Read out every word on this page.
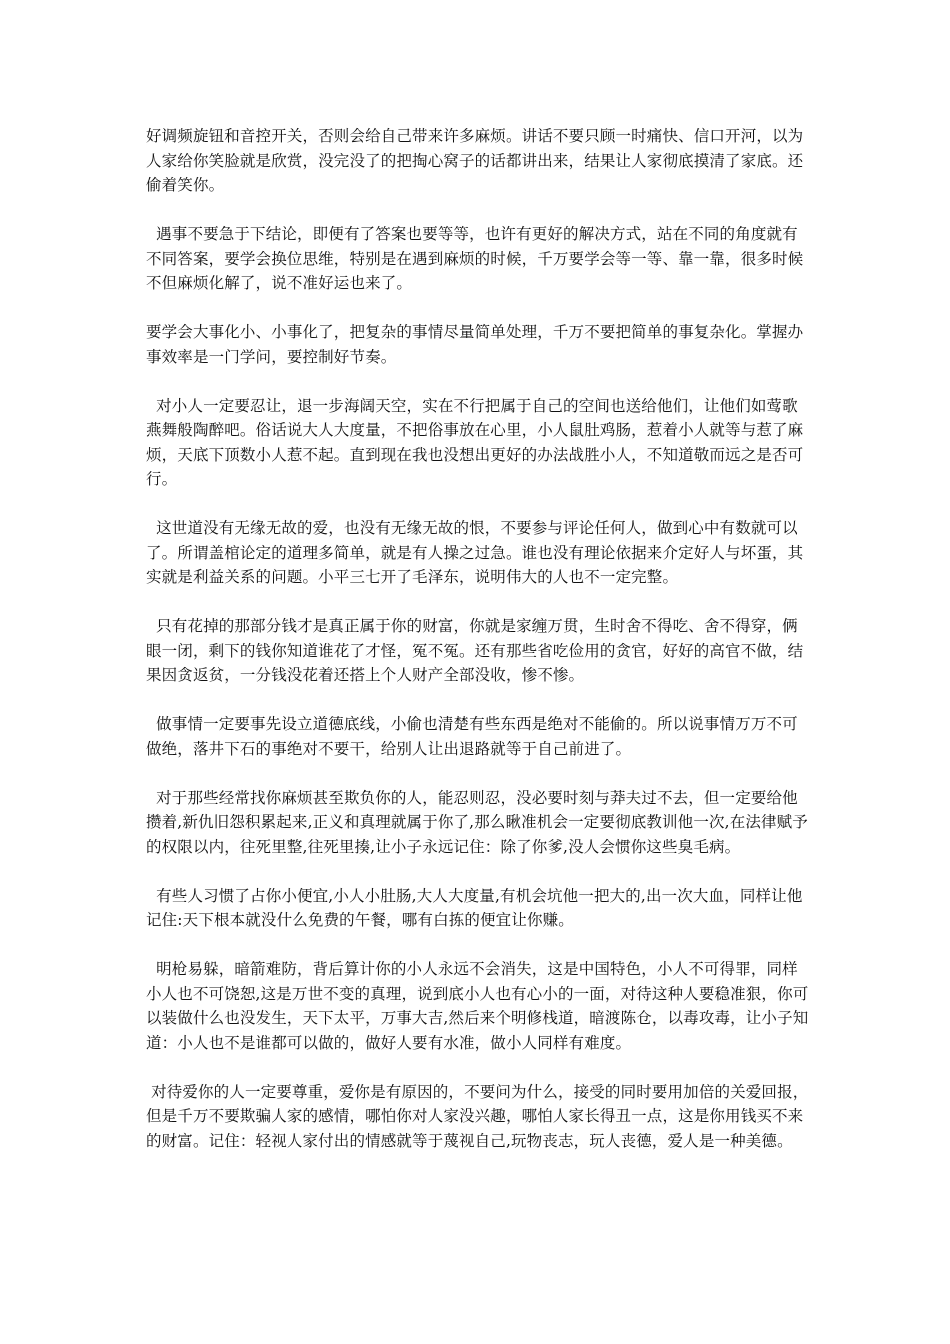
好调频旋钮和音控开关，否则会给自己带来许多麻烦。讲话不要只顾一时痛快、信口开河，以为人家给你笑脸就是欣赏，没完没了的把掏心窝子的话都讲出来，结果让人家彻底摸清了家底。还偷着笑你。

遇事不要急于下结论，即便有了答案也要等等，也许有更好的解决方式，站在不同的角度就有不同答案，要学会换位思维，特别是在遇到麻烦的时候，千万要学会等一等、靠一靠，很多时候不但麻烦化解了，说不准好运也来了。

要学会大事化小、小事化了，把复杂的事情尽量简单处理，千万不要把简单的事复杂化。掌握办事效率是一门学问，要控制好节奏。

对小人一定要忍让，退一步海阔天空，实在不行把属于自己的空间也送给他们，让他们如莺歌燕舞般陶醉吧。俗话说大人大度量，不把俗事放在心里，小人鼠肚鸡肠，惹着小人就等与惹了麻烦，天底下顶数小人惹不起。直到现在我也没想出更好的办法战胜小人，不知道敬而远之是否可行。

这世道没有无缘无故的爱，也没有无缘无故的恨，不要参与评论任何人，做到心中有数就可以了。所谓盖棺论定的道理多简单，就是有人操之过急。谁也没有理论依据来介定好人与坏蛋，其实就是利益关系的问题。小平三七开了毛泽东，说明伟大的人也不一定完整。

只有花掉的那部分钱才是真正属于你的财富，你就是家缠万贯，生时舍不得吃、舍不得穿，俩眼一闭，剩下的钱你知道谁花了才怪，冤不冤。还有那些省吃俭用的贪官，好好的高官不做，结果因贪返贫，一分钱没花着还搭上个人财产全部没收，惨不惨。

做事情一定要事先设立道德底线，小偷也清楚有些东西是绝对不能偷的。所以说事情万万不可做绝，落井下石的事绝对不要干，给别人让出退路就等于自己前进了。

对于那些经常找你麻烦甚至欺负你的人，能忍则忍，没必要时刻与莽夫过不去，但一定要给他攒着,新仇旧怨积累起来,正义和真理就属于你了,那么瞅准机会一定要彻底教训他一次,在法律赋予的权限以内，往死里整,往死里揍,让小子永远记住：除了你爹,没人会惯你这些臭毛病。

有些人习惯了占你小便宜,小人小肚肠,大人大度量,有机会坑他一把大的,出一次大血，同样让他记住:天下根本就没什么免费的午餐，哪有白拣的便宜让你赚。

明枪易躲，暗箭难防，背后算计你的小人永远不会消失，这是中国特色，小人不可得罪，同样小人也不可饶恕,这是万世不变的真理，说到底小人也有心小的一面，对待这种人要稳准狠，你可以装做什么也没发生，天下太平，万事大吉,然后来个明修栈道，暗渡陈仓，以毒攻毒，让小子知道：小人也不是谁都可以做的，做好人要有水准，做小人同样有难度。

对待爱你的人一定要尊重，爱你是有原因的，不要问为什么，接受的同时要用加倍的关爱回报，但是千万不要欺骗人家的感情，哪怕你对人家没兴趣，哪怕人家长得丑一点，这是你用钱买不来的财富。记住：轻视人家付出的情感就等于蔑视自己,玩物丧志，玩人丧德，爱人是一种美德。
